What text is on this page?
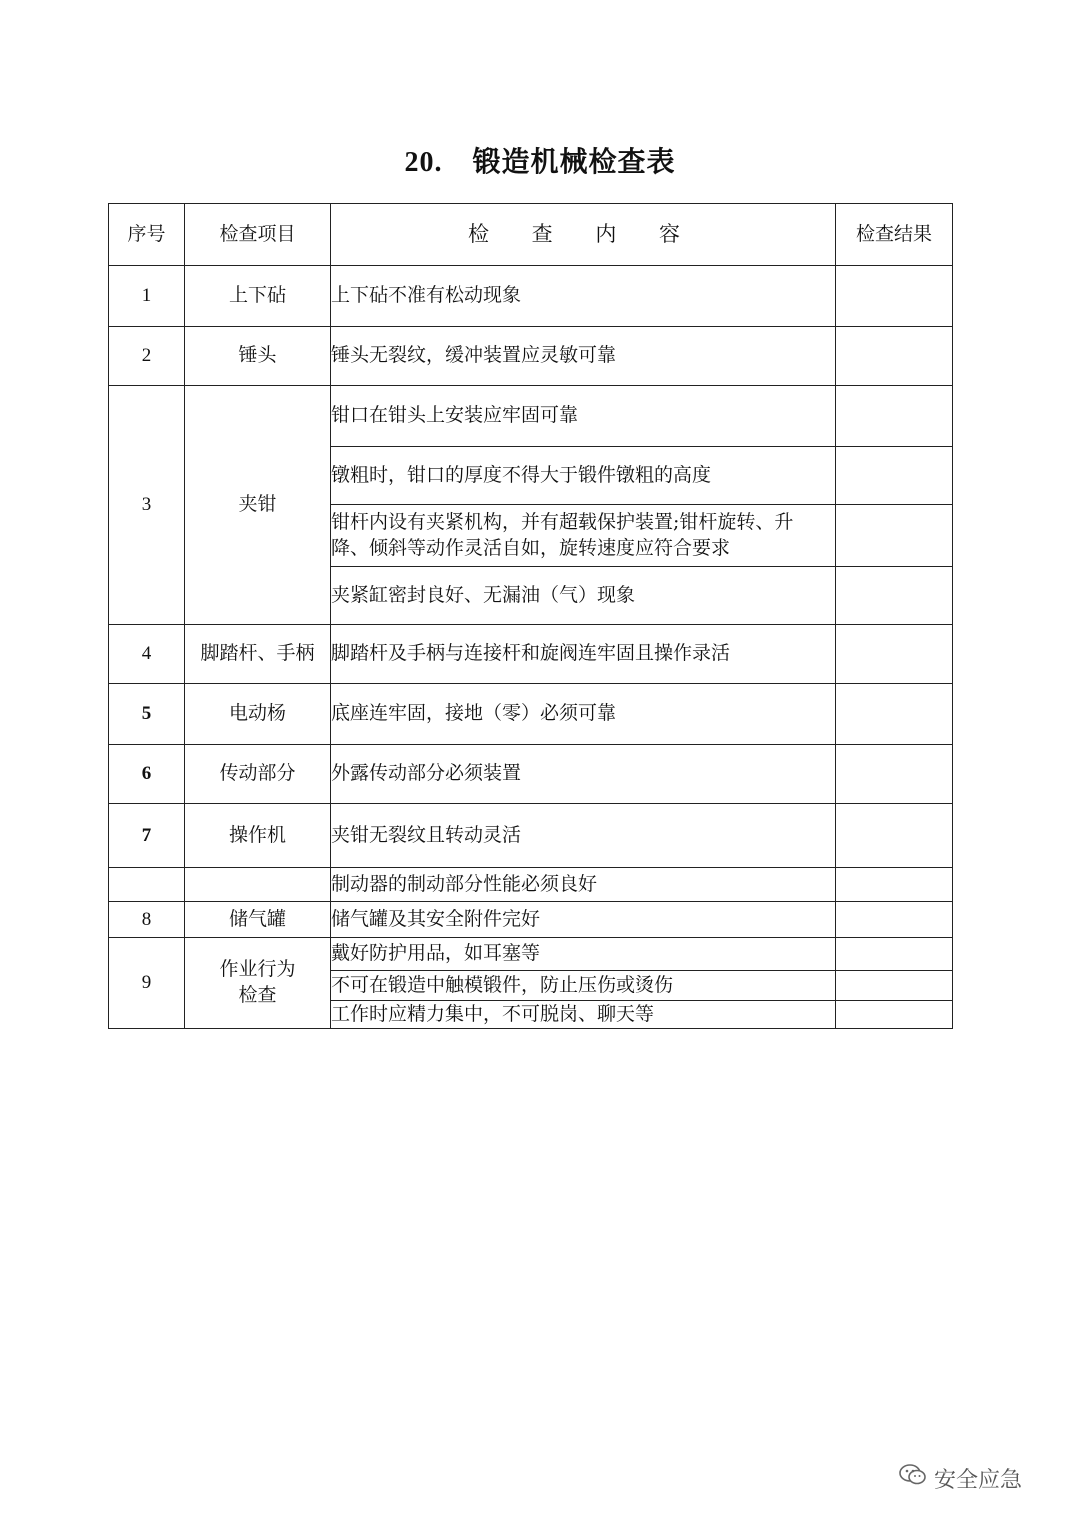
20. 锻造机械检查表
序号	检查项目	检 查 内 容	检查结果
1	上下砧	上下砧不准有松动现象	
2	锤头	锤头无裂纹，缓冲装置应灵敏可靠	
3	夹钳	钳口在钳头上安装应牢固可靠	
		镦粗时，钳口的厚度不得大于锻件镦粗的高度	
		钳杆内设有夹紧机构，并有超载保护装置;钳杆旋转、升降、倾斜等动作灵活自如，旋转速度应符合要求	
		夹紧缸密封良好、无漏油（气）现象	
4	脚踏杆、手柄	脚踏杆及手柄与连接杆和旋阀连牢固且操作录活	
5	电动杨	底座连牢固，接地（零）必须可靠	
6	传动部分	外露传动部分必须装置	
7	操作机	夹钳无裂纹且转动灵活	
		制动器的制动部分性能必须良好	
8	储气罐	储气罐及其安全附件完好	
9	作业行为检查	戴好防护用品，如耳塞等	
		不可在锻造中触模锻件，防止压伤或烫伤	
		工作时应精力集中，不可脱岗、聊天等	
安全应急
